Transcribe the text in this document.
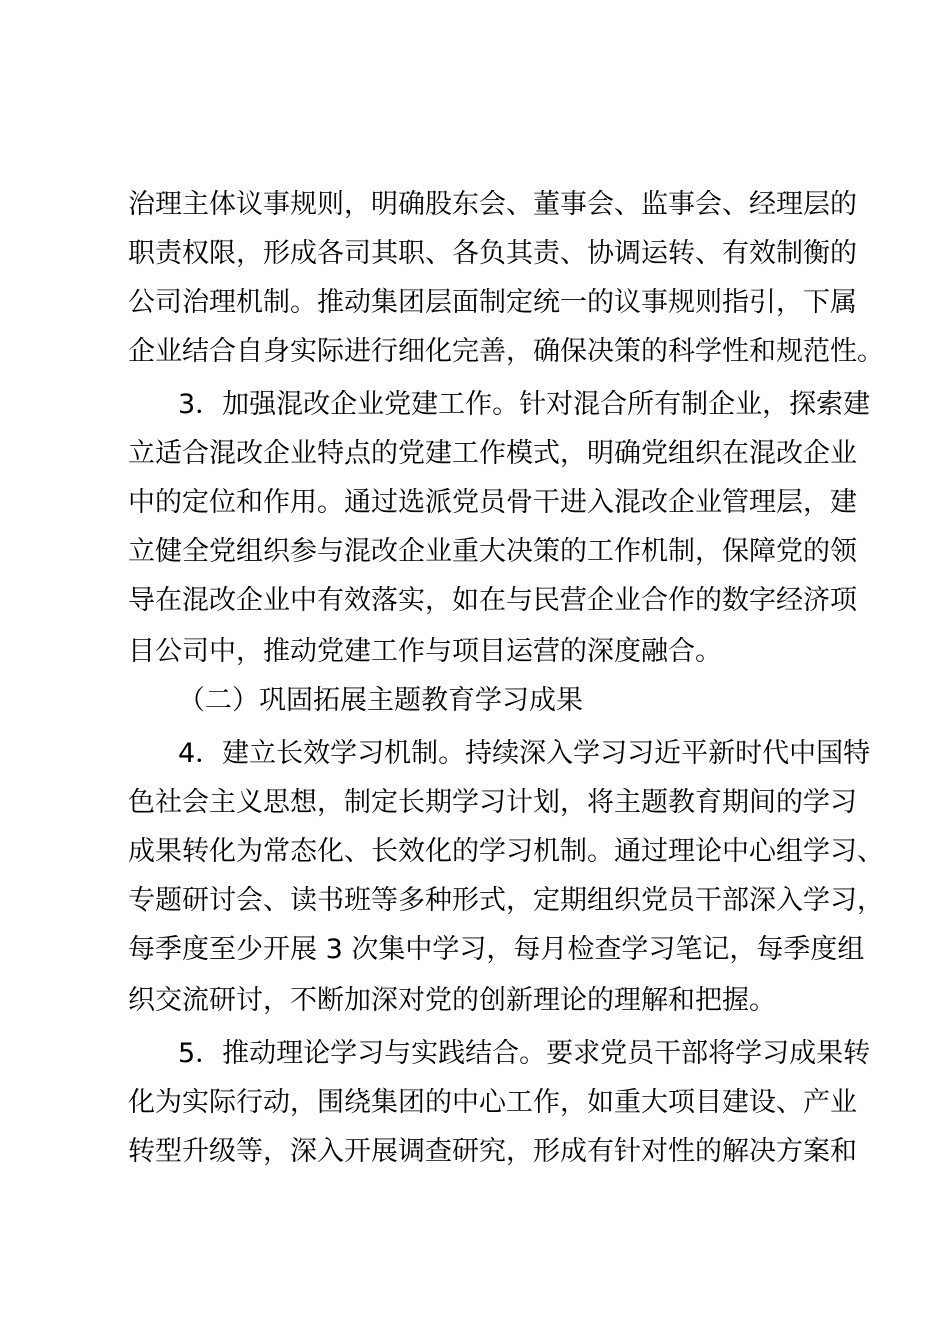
治理主体议事规则，明确股东会、董事会、监事会、经理层的
职责权限，形成各司其职、各负其责、协调运转、有效制衡的
公司治理机制。推动集团层面制定统一的议事规则指引，下属
企业结合自身实际进行细化完善，确保决策的科学性和规范性。
3．加强混改企业党建工作。针对混合所有制企业，探索建
立适合混改企业特点的党建工作模式，明确党组织在混改企业
中的定位和作用。通过选派党员骨干进入混改企业管理层，建
立健全党组织参与混改企业重大决策的工作机制，保障党的领
导在混改企业中有效落实，如在与民营企业合作的数字经济项
目公司中，推动党建工作与项目运营的深度融合。
（二）巩固拓展主题教育学习成果
4．建立长效学习机制。持续深入学习习近平新时代中国特
色社会主义思想，制定长期学习计划，将主题教育期间的学习
成果转化为常态化、长效化的学习机制。通过理论中心组学习、
专题研讨会、读书班等多种形式，定期组织党员干部深入学习，
每季度至少开展 3 次集中学习，每月检查学习笔记，每季度组
织交流研讨，不断加深对党的创新理论的理解和把握。
5．推动理论学习与实践结合。要求党员干部将学习成果转
化为实际行动，围绕集团的中心工作，如重大项目建设、产业
转型升级等，深入开展调查研究，形成有针对性的解决方案和
